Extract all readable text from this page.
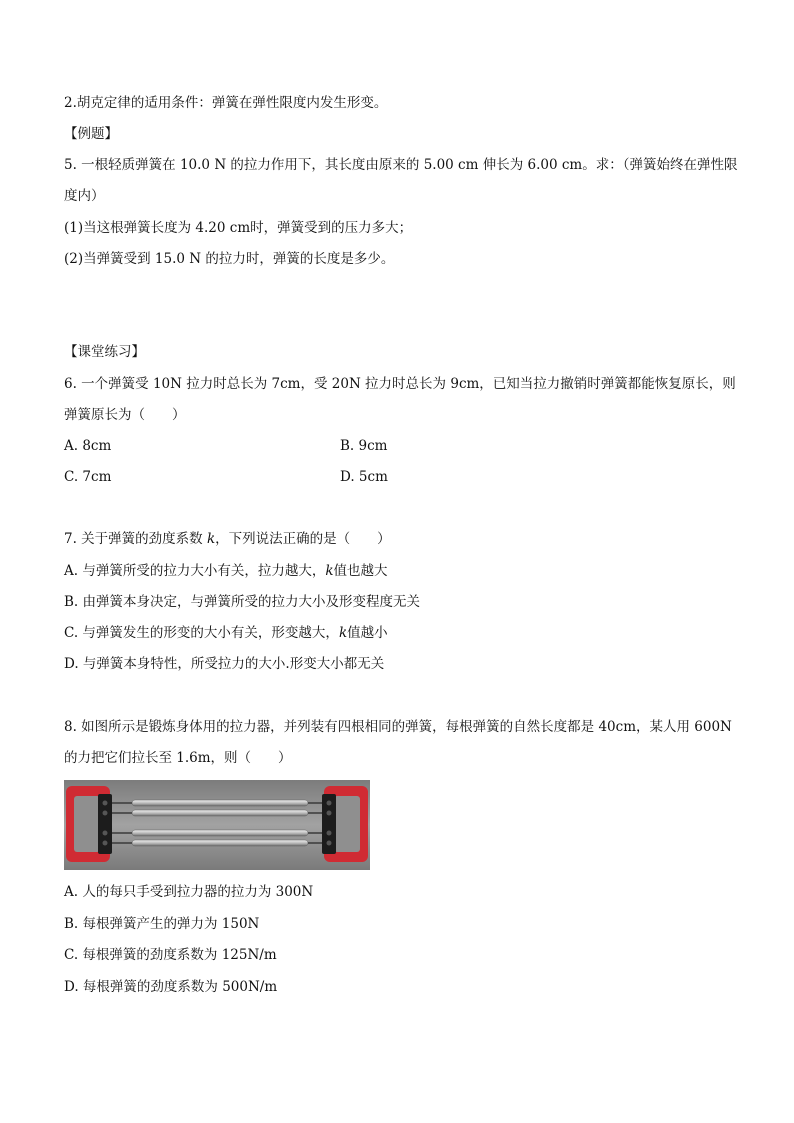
2.胡克定律的适用条件：弹簧在弹性限度内发生形变。
【例题】
5. 一根轻质弹簧在 10.0 N 的拉力作用下，其长度由原来的 5.00 cm 伸长为 6.00 cm。求：（弹簧始终在弹性限
度内）
(1)当这根弹簧长度为 4.20 cm时，弹簧受到的压力多大；
(2)当弹簧受到 15.0 N 的拉力时，弹簧的长度是多少。
【课堂练习】
6. 一个弹簧受 10N 拉力时总长为 7cm，受 20N 拉力时总长为 9cm，已知当拉力撤销时弹簧都能恢复原长，则
弹簧原长为（　　）
A. 8cm	B. 9cm
C. 7cm	D. 5cm
7. 关于弹簧的劲度系数 k，下列说法正确的是（　　）
A. 与弹簧所受的拉力大小有关，拉力越大，k值也越大
B. 由弹簧本身决定，与弹簧所受的拉力大小及形变程度无关
C. 与弹簧发生的形变的大小有关，形变越大，k值越小
D. 与弹簧本身特性，所受拉力的大小.形变大小都无关
8. 如图所示是锻炼身体用的拉力器，并列装有四根相同的弹簧，每根弹簧的自然长度都是 40cm，某人用 600N
的力把它们拉长至 1.6m，则（　　）
A. 人的每只手受到拉力器的拉力为 300N
B. 每根弹簧产生的弹力为 150N
C. 每根弹簧的劲度系数为 125N/m
D. 每根弹簧的劲度系数为 500N/m
